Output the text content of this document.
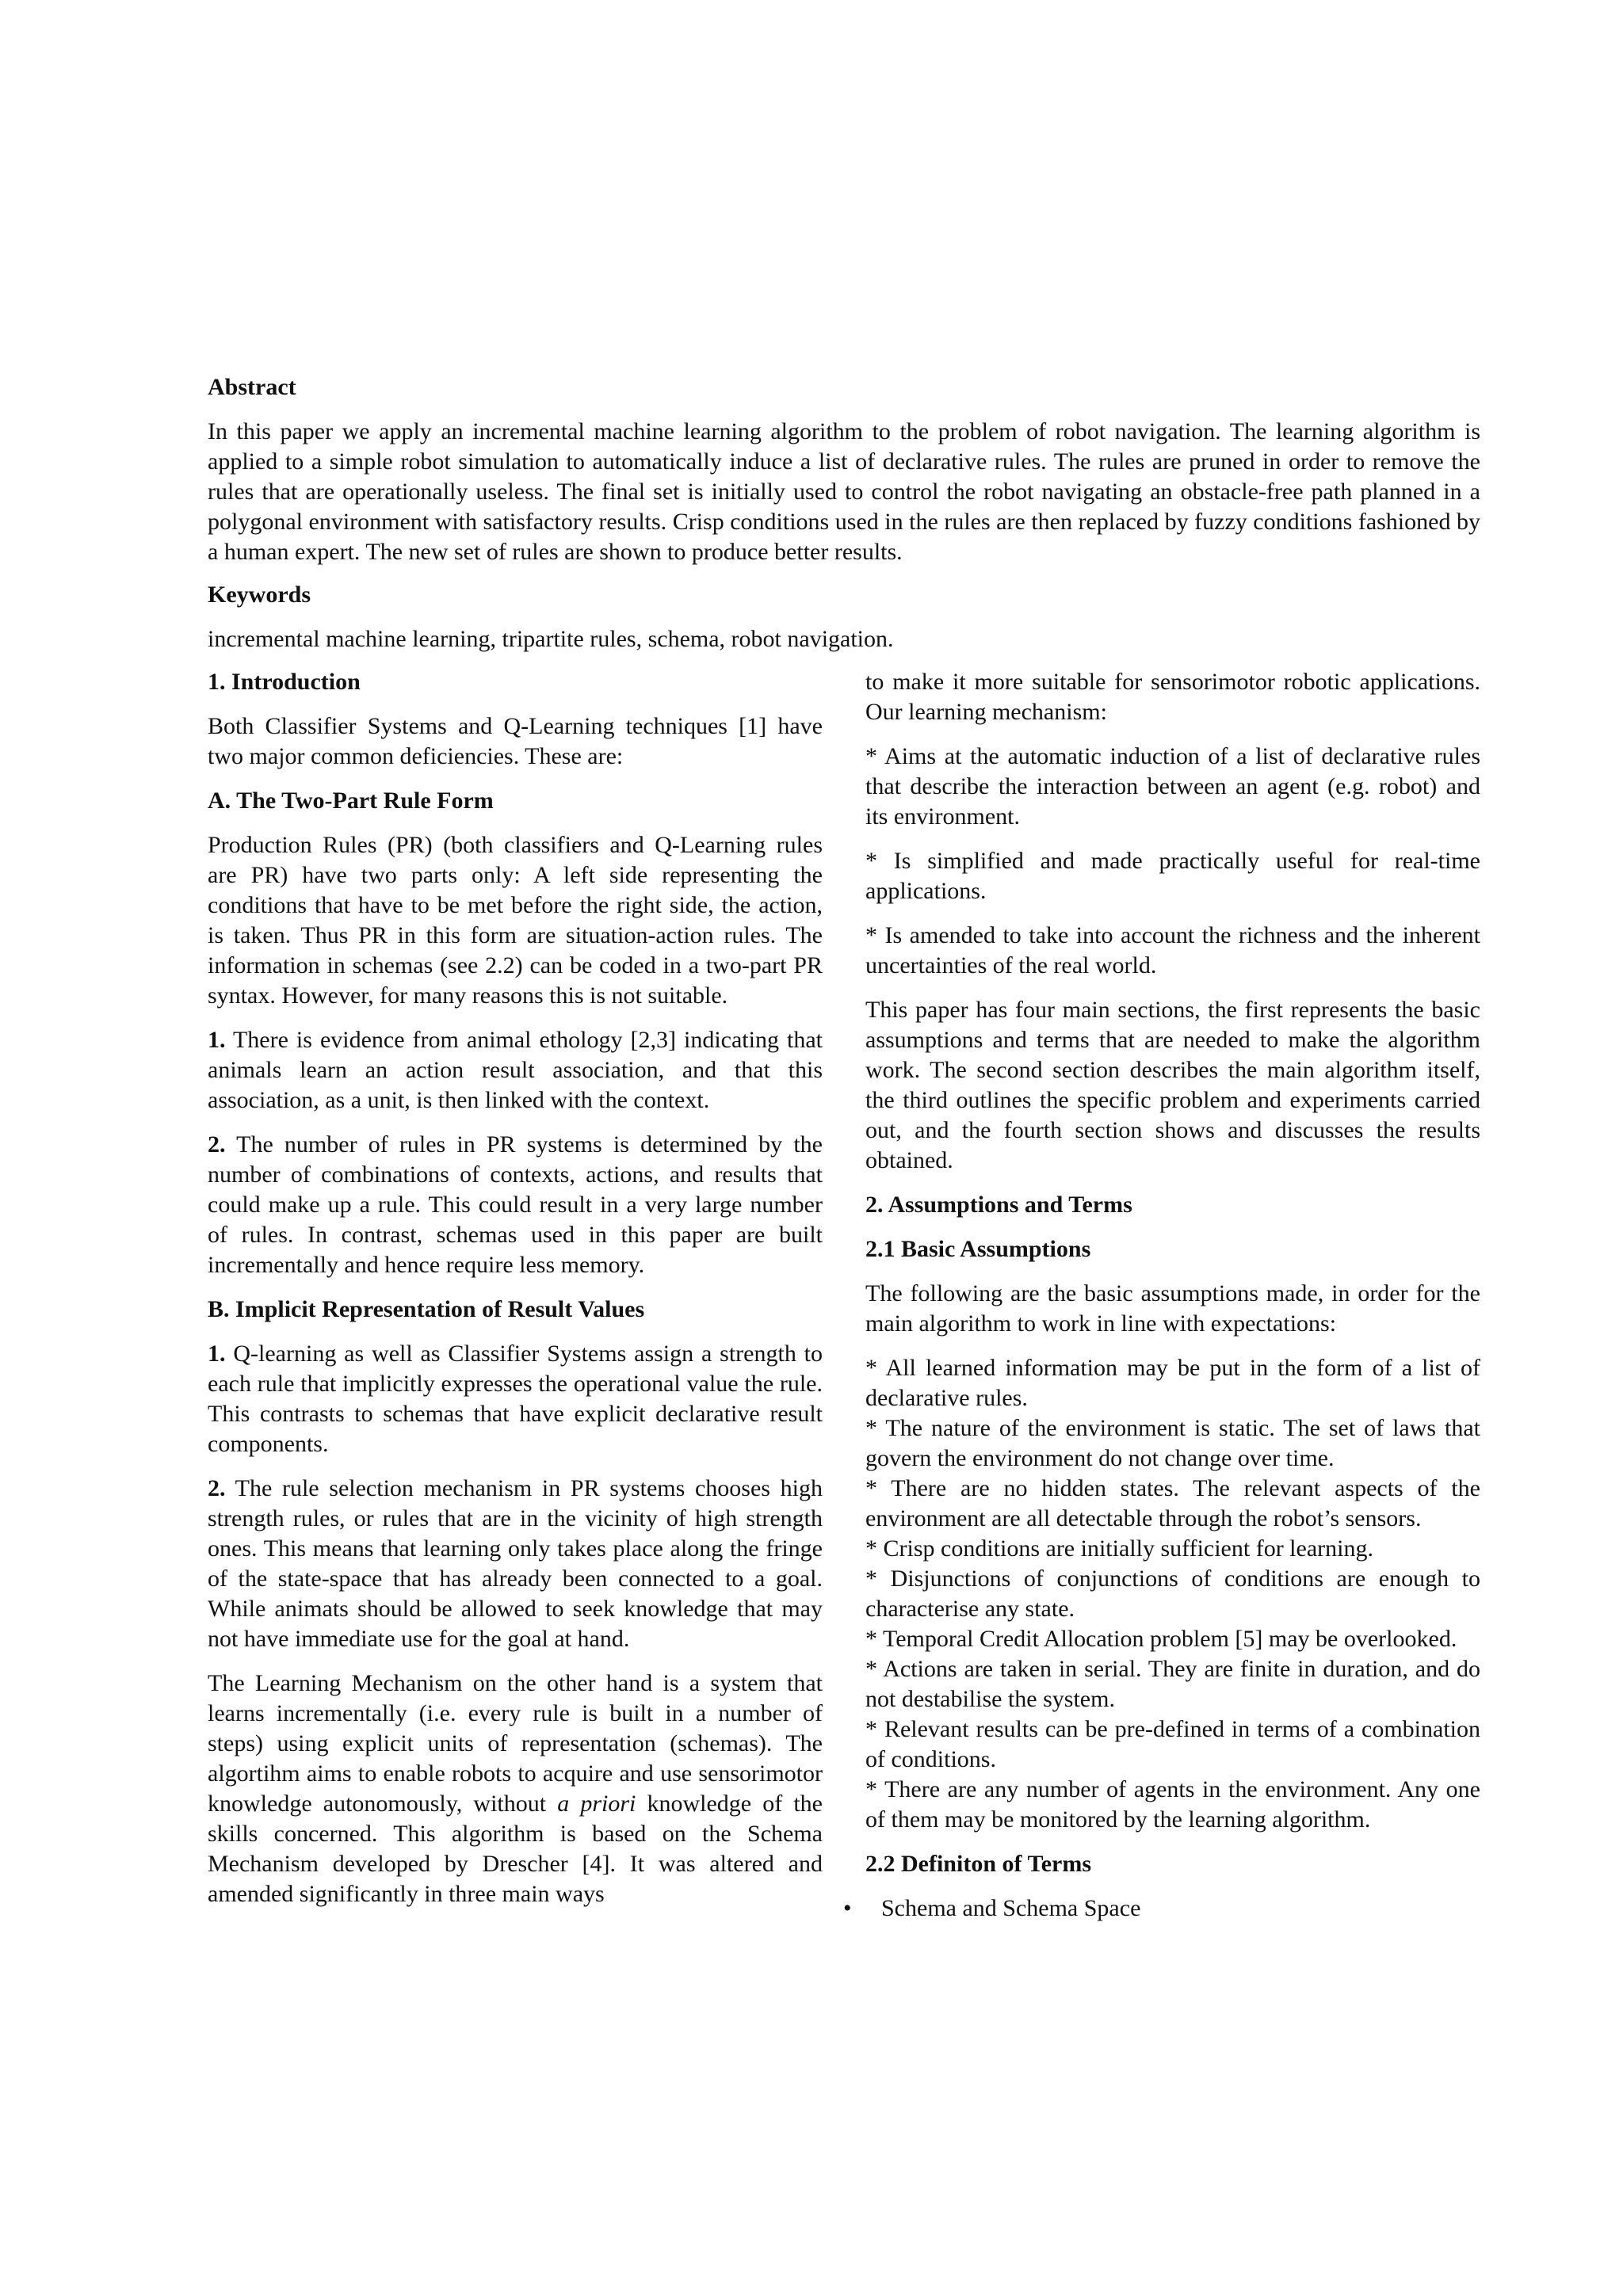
Abstract
In this paper we apply an incremental machine learning algorithm to the problem of robot navigation. The learning algorithm is applied to a simple robot simulation to automatically induce a list of declarative rules. The rules are pruned in order to remove the rules that are operationally useless. The final set is initially used to control the robot navigating an obstacle-free path planned in a polygonal environment with satisfactory results. Crisp conditions used in the rules are then replaced by fuzzy conditions fashioned by a human expert. The new set of rules are shown to produce better results.
Keywords
incremental machine learning, tripartite rules, schema, robot navigation.
1. Introduction

Both Classifier Systems and Q-Learning techniques [1] have two major common deficiencies. These are:

A. The Two-Part Rule Form

Production Rules (PR) (both classifiers and Q-Learning rules are PR) have two parts only: A left side representing the conditions that have to be met before the right side, the action, is taken. Thus PR in this form are situation-action rules. The information in schemas (see 2.2) can be coded in a two-part PR syntax. However, for many reasons this is not suitable.

1. There is evidence from animal ethology [2,3] indicating that animals learn an action result association, and that this association, as a unit, is then linked with the context.

2. The number of rules in PR systems is determined by the number of combinations of contexts, actions, and results that could make up a rule. This could result in a very large number of rules. In contrast, schemas used in this paper are built incrementally and hence require less memory.

B. Implicit Representation of Result Values

1. Q-learning as well as Classifier Systems assign a strength to each rule that implicitly expresses the operational value the rule. This contrasts to schemas that have explicit declarative result components.

2. The rule selection mechanism in PR systems chooses high strength rules, or rules that are in the vicinity of high strength ones. This means that learning only takes place along the fringe of the state-space that has already been connected to a goal. While animats should be allowed to seek knowledge that may not have immediate use for the goal at hand.

The Learning Mechanism on the other hand is a system that learns incrementally (i.e. every rule is built in a number of steps) using explicit units of representation (schemas). The algortihm aims to enable robots to acquire and use sensorimotor knowledge autonomously, without a priori knowledge of the skills concerned. This algorithm is based on the Schema Mechanism developed by Drescher [4]. It was altered and amended significantly in three main ways

to make it more suitable for sensorimotor robotic applications. Our learning mechanism:

* Aims at the automatic induction of a list of declarative rules that describe the interaction between an agent (e.g. robot) and its environment.

* Is simplified and made practically useful for real-time applications.

* Is amended to take into account the richness and the inherent uncertainties of the real world.

This paper has four main sections, the first represents the basic assumptions and terms that are needed to make the algorithm work. The second section describes the main algorithm itself, the third outlines the specific problem and experiments carried out, and the fourth section shows and discusses the results obtained.

2. Assumptions and Terms
2.1 Basic Assumptions

The following are the basic assumptions made, in order for the main algorithm to work in line with expectations:

* All learned information may be put in the form of a list of declarative rules.

* The nature of the environment is static. The set of laws that govern the environment do not change over time.

* There are no hidden states. The relevant aspects of the environment are all detectable through the robot’s sensors.

* Crisp conditions are initially sufficient for learning.

* Disjunctions of conjunctions of conditions are enough to characterise any state.

* Temporal Credit Allocation problem [5] may be overlooked.

* Actions are taken in serial. They are finite in duration, and do not destabilise the system.

* Relevant results can be pre-defined in terms of a combination of conditions.

* There are any number of agents in the environment. Any one of them may be monitored by the learning algorithm.

2.2 Definiton of Terms
•	Schema and Schema Space
